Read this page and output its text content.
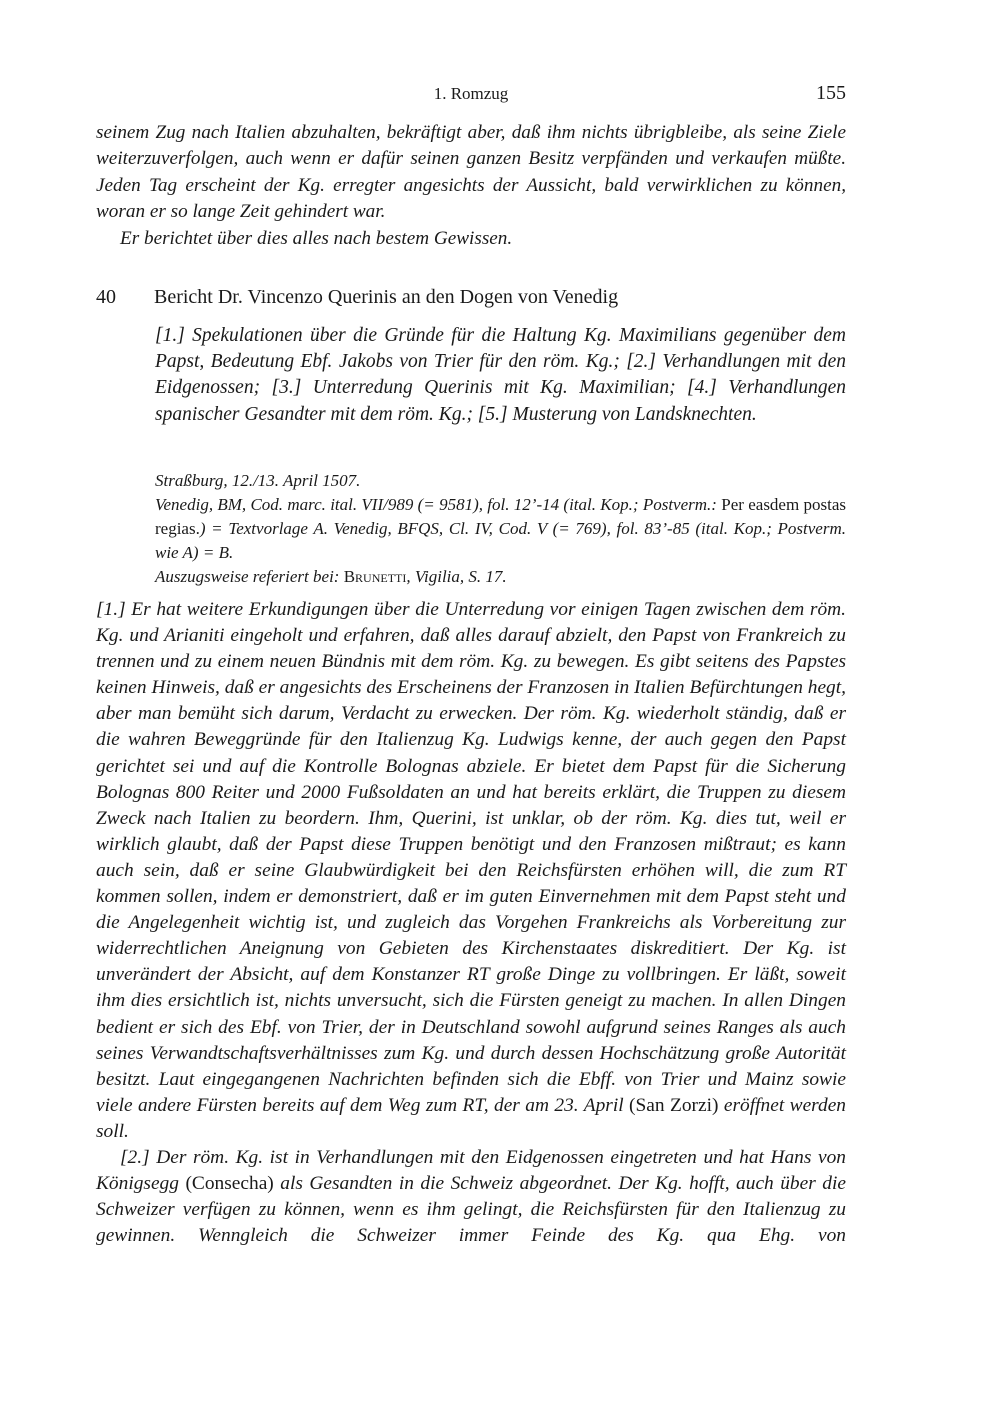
1. Romzug	155

seinem Zug nach Italien abzuhalten, bekräftigt aber, daß ihm nichts übrigbleibe, als seine Ziele weiterzuverfolgen, auch wenn er dafür seinen ganzen Besitz verpfänden und verkaufen müßte. Jeden Tag erscheint der Kg. erregter angesichts der Aussicht, bald verwirklichen zu können, woran er so lange Zeit gehindert war.

Er berichtet über dies alles nach bestem Gewissen.

40 Bericht Dr. Vincenzo Querinis an den Dogen von Venedig
[1.] Spekulationen über die Gründe für die Haltung Kg. Maximilians gegenüber dem Papst, Bedeutung Ebf. Jakobs von Trier für den röm. Kg.; [2.] Verhandlungen mit den Eidgenossen; [3.] Unterredung Querinis mit Kg. Maximilian; [4.] Verhandlungen spanischer Gesandter mit dem röm. Kg.; [5.] Musterung von Landsknechten.

Straßburg, 12./13. April 1507.

Venedig, BM, Cod. marc. ital. VII/989 (= 9581), fol. 12’-14 (ital. Kop.; Postverm.: Per easdem postas regias.) = Textvorlage A. Venedig, BFQS, Cl. IV, Cod. V (= 769), fol. 83’-85 (ital. Kop.; Postverm. wie A) = B.

Auszugsweise referiert bei: Brunetti, Vigilia, S. 17.

[1.] Er hat weitere Erkundigungen über die Unterredung vor einigen Tagen zwischen dem röm. Kg. und Arianiti eingeholt und erfahren, daß alles darauf abzielt, den Papst von Frankreich zu trennen und zu einem neuen Bündnis mit dem röm. Kg. zu bewegen. Es gibt seitens des Papstes keinen Hinweis, daß er angesichts des Erscheinens der Franzosen in Italien Befürchtungen hegt, aber man bemüht sich darum, Verdacht zu erwecken. Der röm. Kg. wiederholt ständig, daß er die wahren Beweggründe für den Italienzug Kg. Ludwigs kenne, der auch gegen den Papst gerichtet sei und auf die Kontrolle Bolognas abziele. Er bietet dem Papst für die Sicherung Bolognas 800 Reiter und 2000 Fußsoldaten an und hat bereits erklärt, die Truppen zu diesem Zweck nach Italien zu beordern. Ihm, Querini, ist unklar, ob der röm. Kg. dies tut, weil er wirklich glaubt, daß der Papst diese Truppen benötigt und den Franzosen mißtraut; es kann auch sein, daß er seine Glaubwürdigkeit bei den Reichsfürsten erhöhen will, die zum RT kommen sollen, indem er demonstriert, daß er im guten Einvernehmen mit dem Papst steht und die Angelegenheit wichtig ist, und zugleich das Vorgehen Frankreichs als Vorbereitung zur widerrechtlichen Aneignung von Gebieten des Kirchenstaates diskreditiert. Der Kg. ist unverändert der Absicht, auf dem Konstanzer RT große Dinge zu vollbringen. Er läßt, soweit ihm dies ersichtlich ist, nichts unversucht, sich die Fürsten geneigt zu machen. In allen Dingen bedient er sich des Ebf. von Trier, der in Deutschland sowohl aufgrund seines Ranges als auch seines Verwandtschaftsverhältnisses zum Kg. und durch dessen Hochschätzung große Autorität besitzt. Laut eingegangenen Nachrichten befinden sich die Ebff. von Trier und Mainz sowie viele andere Fürsten bereits auf dem Weg zum RT, der am 23. April (San Zorzi) eröffnet werden soll.

[2.] Der röm. Kg. ist in Verhandlungen mit den Eidgenossen eingetreten und hat Hans von Königsegg (Consecha) als Gesandten in die Schweiz abgeordnet. Der Kg. hofft, auch über die Schweizer verfügen zu können, wenn es ihm gelingt, die Reichsfürsten für den Italienzug zu gewinnen. Wenngleich die Schweizer immer Feinde des Kg. qua Ehg. von
